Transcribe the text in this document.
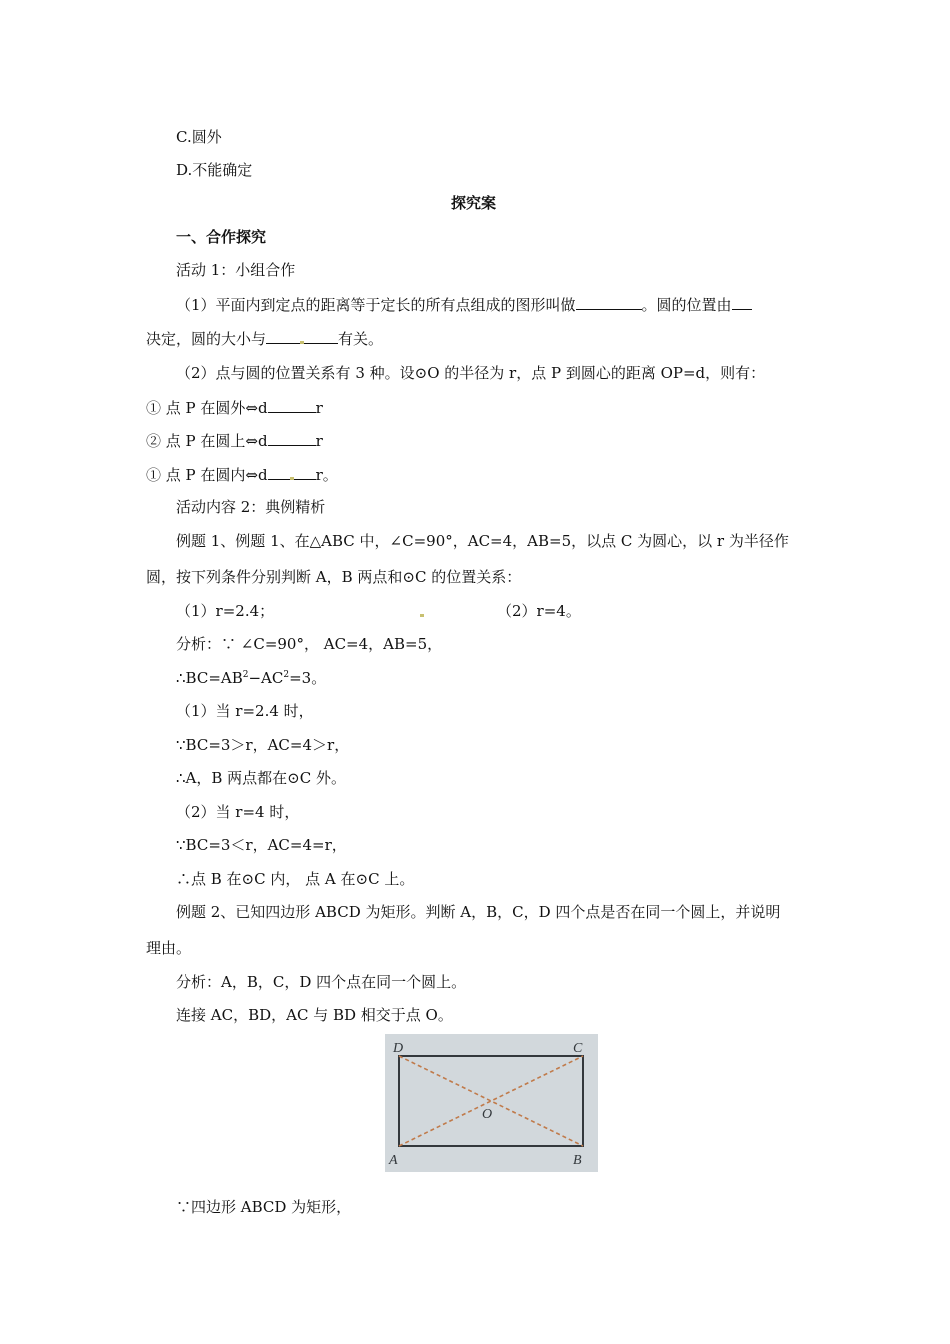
C.圆外
D.不能确定
探究案
一、合作探究
活动 1：小组合作
（1）平面内到定点的距离等于定长的所有点组成的图形叫做	。圆的位置由
决定，圆的大小与	有关。
（2）点与圆的位置关系有 3 种。设⊙O 的半径为 r，点 P 到圆心的距离 OP=d，则有：
① 点 P 在圆外⇔d	r
② 点 P 在圆上⇔d	r
① 点 P 在圆内⇔d	r。
活动内容 2：典例精析
例题 1、例题 1、在△ABC 中，∠C=90°，AC=4，AB=5，以点 C 为圆心，以 r 为半径作
圆，按下列条件分别判断 A，B 两点和⊙C 的位置关系：
（1）r=2.4；	（2）r=4。
分析：∵ ∠C=90°， AC=4，AB=5，
$\therefore BC=AB^2-AC^2=3$。
（1）当 r=2.4 时，
∵BC=3＞r，AC=4＞r，
∴A，B 两点都在⊙C 外。
（2）当 r=4 时，
∵BC=3＜r，AC=4=r，
∴点 B 在⊙C 内， 点 A 在⊙C 上。
例题 2、已知四边形 ABCD 为矩形。判断 A，B，C，D 四个点是否在同一个圆上，并说明
理由。
分析：A，B，C，D 四个点在同一个圆上。
连接 AC，BD，AC 与 BD 相交于点 O。
D	C
A	B
O
∵四边形 ABCD 为矩形，
